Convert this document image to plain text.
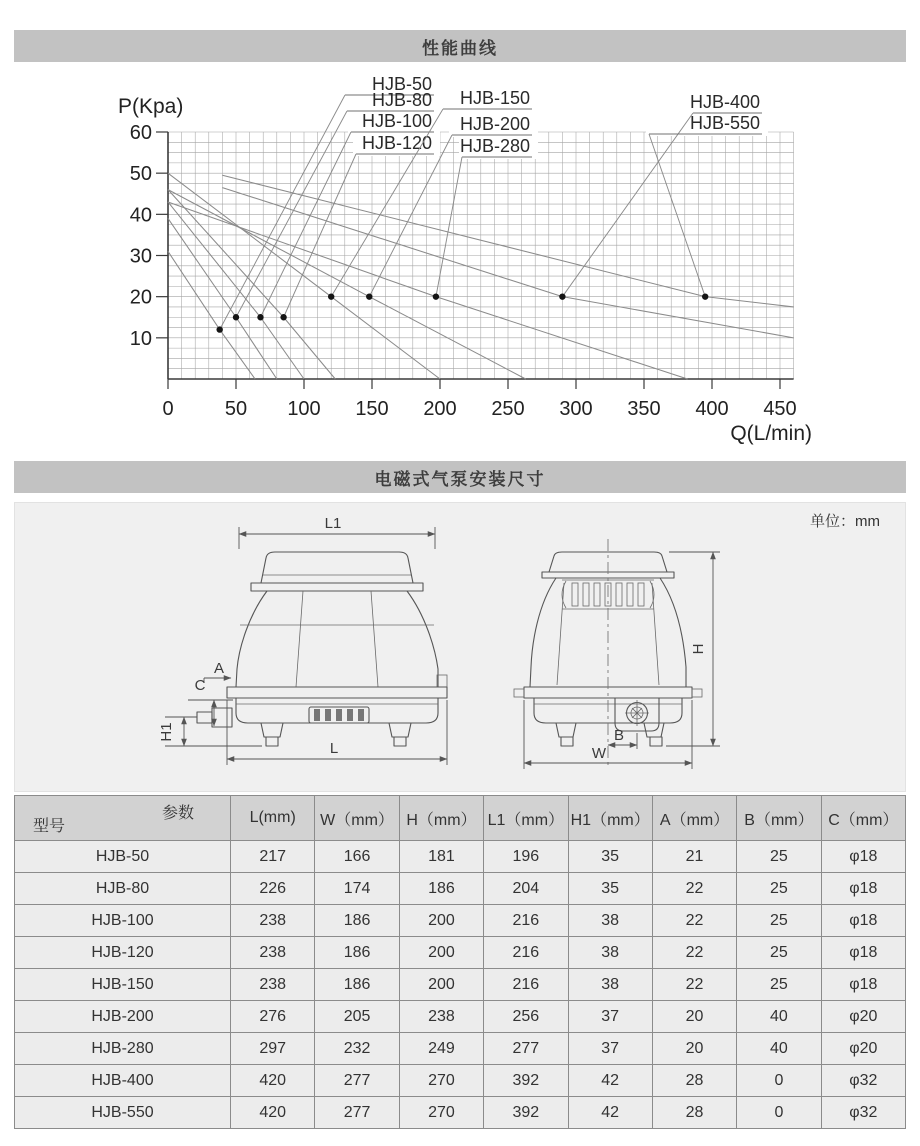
性能曲线
10
20
30
40
50
60
0	50 100 150 200 250 300 350 400 450
P(Kpa)
Q(L/min)
HJB-50
HJB-80
HJB-100
HJB-120
HJB-150
HJB-200
HJB-280
HJB-400
HJB-550
电磁式气泵安装尺寸
单位：mm
L1
L
A
C
H1
H
B
W
参数
型号	L(mm)	W（mm）	H（mm）	L1（mm）	H1（mm）	A（mm）	B（mm）	C（mm）
HJB-50	217	166	181	196	35	21	25	φ18
HJB-80	226	174	186	204	35	22	25	φ18
HJB-100	238	186	200	216	38	22	25	φ18
HJB-120	238	186	200	216	38	22	25	φ18
HJB-150	238	186	200	216	38	22	25	φ18
HJB-200	276	205	238	256	37	20	40	φ20
HJB-280	297	232	249	277	37	20	40	φ20
HJB-400	420	277	270	392	42	28	0	φ32
HJB-550	420	277	270	392	42	28	0	φ32
